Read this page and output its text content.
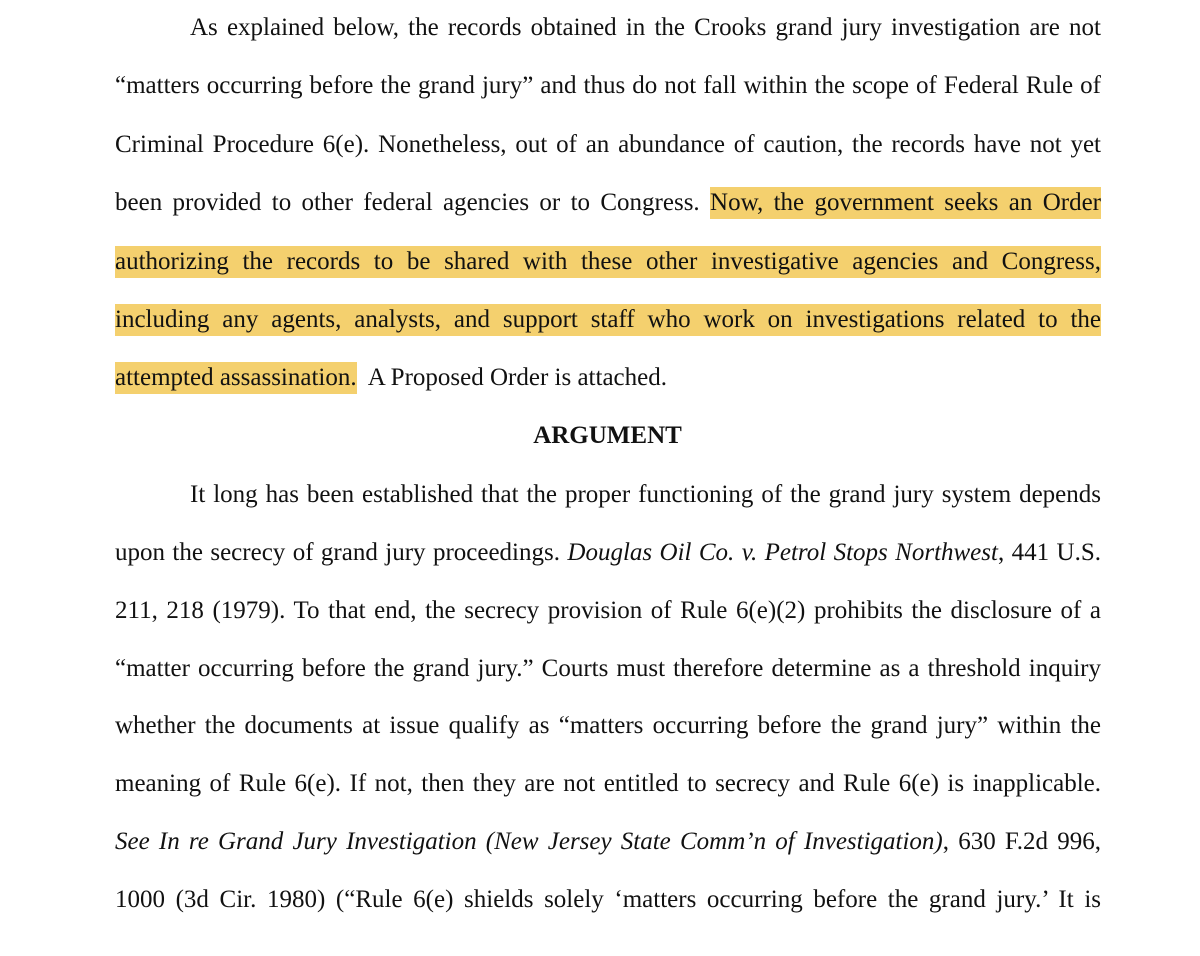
As explained below, the records obtained in the Crooks grand jury investigation are not
“matters occurring before the grand jury” and thus do not fall within the scope of Federal Rule of
Criminal Procedure 6(e). Nonetheless, out of an abundance of caution, the records have not yet
been provided to other federal agencies or to Congress. Now, the government seeks an Order
authorizing the records to be shared with these other investigative agencies and Congress,
including any agents, analysts, and support staff who work on investigations related to the
attempted assassination.  A Proposed Order is attached.
ARGUMENT
It long has been established that the proper functioning of the grand jury system depends
upon the secrecy of grand jury proceedings. Douglas Oil Co. v. Petrol Stops Northwest, 441 U.S.
211, 218 (1979). To that end, the secrecy provision of Rule 6(e)(2) prohibits the disclosure of a
“matter occurring before the grand jury.” Courts must therefore determine as a threshold inquiry
whether the documents at issue qualify as “matters occurring before the grand jury” within the
meaning of Rule 6(e). If not, then they are not entitled to secrecy and Rule 6(e) is inapplicable.
See In re Grand Jury Investigation (New Jersey State Comm’n of Investigation), 630 F.2d 996,
1000 (3d Cir. 1980) (“Rule 6(e) shields solely ‘matters occurring before the grand jury.’ It is
